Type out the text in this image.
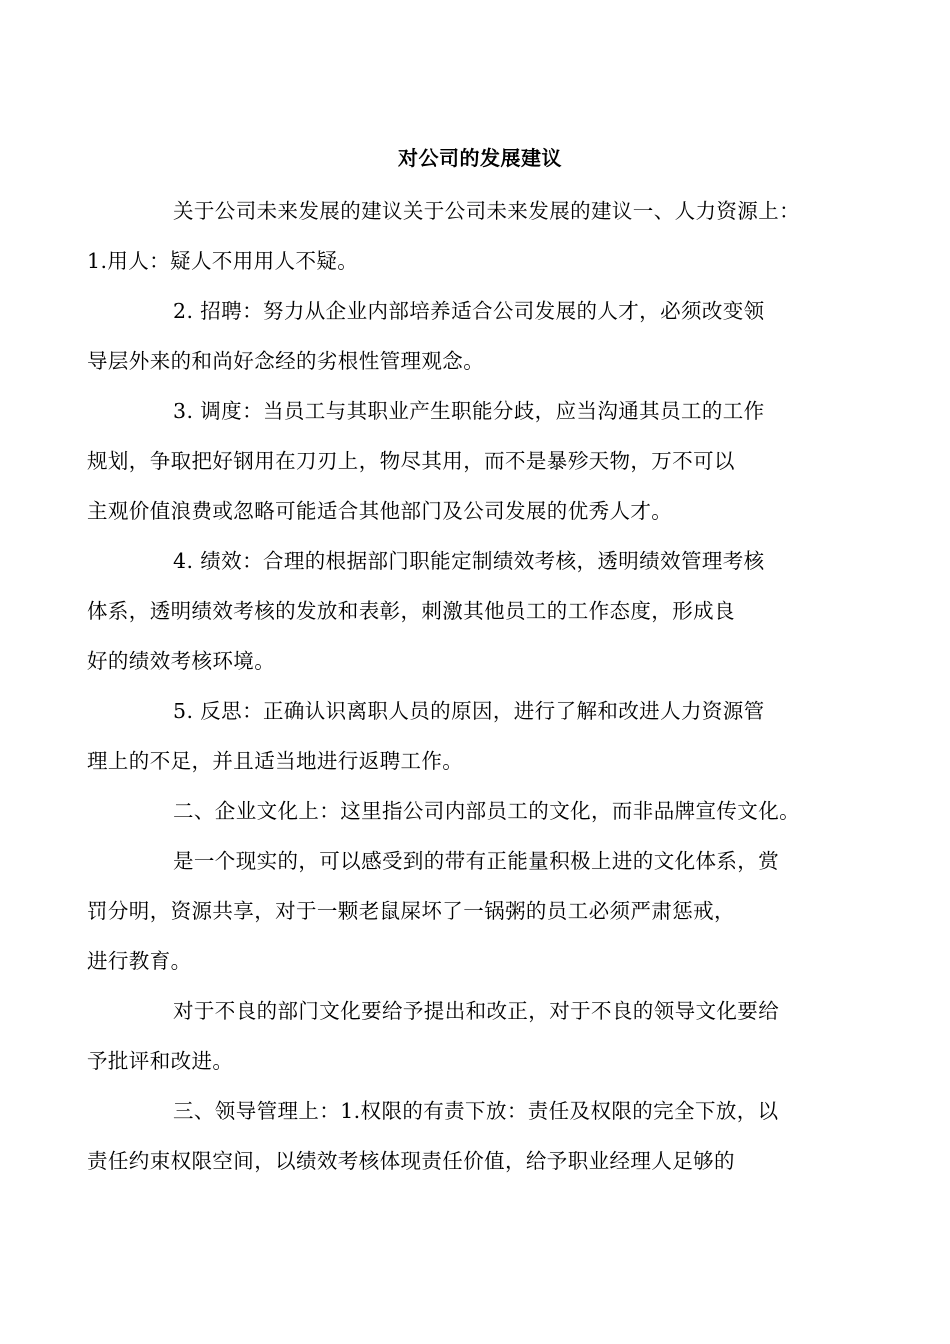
对公司的发展建议

关于公司未来发展的建议关于公司未来发展的建议一、人力资源上：
1.用人：疑人不用用人不疑。

2. 招聘：努力从企业内部培养适合公司发展的人才，必须改变领
导层外来的和尚好念经的劣根性管理观念。

3. 调度：当员工与其职业产生职能分歧，应当沟通其员工的工作
规划，争取把好钢用在刀刃上，物尽其用，而不是暴殄天物，万不可以
主观价值浪费或忽略可能适合其他部门及公司发展的优秀人才。

4. 绩效：合理的根据部门职能定制绩效考核，透明绩效管理考核
体系，透明绩效考核的发放和表彰，刺激其他员工的工作态度，形成良
好的绩效考核环境。

5. 反思：正确认识离职人员的原因，进行了解和改进人力资源管
理上的不足，并且适当地进行返聘工作。

二、企业文化上：这里指公司内部员工的文化，而非品牌宣传文化。

是一个现实的，可以感受到的带有正能量积极上进的文化体系，赏
罚分明，资源共享，对于一颗老鼠屎坏了一锅粥的员工必须严肃惩戒，
进行教育。

对于不良的部门文化要给予提出和改正，对于不良的领导文化要给
予批评和改进。

三、领导管理上：1.权限的有责下放：责任及权限的完全下放，以
责任约束权限空间，以绩效考核体现责任价值，给予职业经理人足够的
